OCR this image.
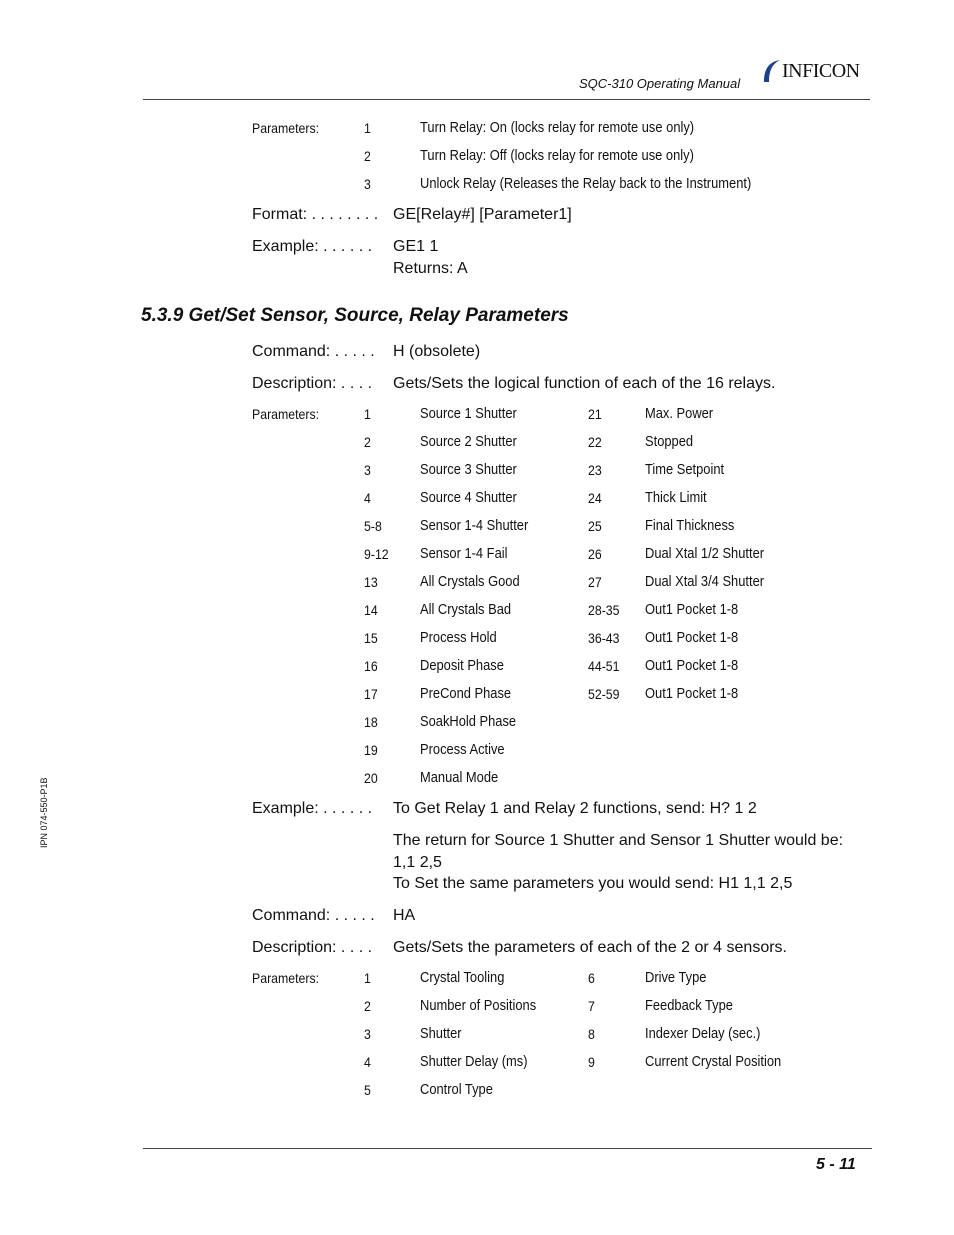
SQC-310 Operating Manual
INFICON
Parameters:	1	Turn Relay: On (locks relay for remote use only)
2	Turn Relay: Off (locks relay for remote use only)
3	Unlock Relay (Releases the Relay back to the Instrument)
Format: . . . . . . . . GE[Relay#] [Parameter1]
Example: . . . . . . GE1 1
Returns: A
5.3.9 Get/Set Sensor, Source, Relay Parameters
Command: . . . . . H (obsolete)
Description: . . . . Gets/Sets the logical function of each of the 16 relays.
Parameters:	1	Source 1 Shutter
2	Source 2 Shutter
3	Source 3 Shutter
4	Source 4 Shutter
5-8	Sensor 1-4 Shutter
9-12 Sensor 1-4 Fail
13	All Crystals Good
14	All Crystals Bad
15	Process Hold
16	Deposit Phase
17	PreCond Phase
18	SoakHold Phase
19	Process Active
20	Manual Mode
21	Max. Power
22	Stopped
23	Time Setpoint
24	Thick Limit
25	Final Thickness
26	Dual Xtal 1/2 Shutter
27	Dual Xtal 3/4 Shutter
28-35 Out1 Pocket 1-8
36-43 Out1 Pocket 1-8
44-51 Out1 Pocket 1-8
52-59 Out1 Pocket 1-8
Example: . . . . . . To Get Relay 1 and Relay 2 functions, send: H? 1 2
The return for Source 1 Shutter and Sensor 1 Shutter would be:
1,1 2,5
To Set the same parameters you would send: H1 1,1 2,5
Command: . . . . . HA
Description: . . . . Gets/Sets the parameters of each of the 2 or 4 sensors.
Parameters:	1	Crystal Tooling
2	Number of Positions
3	Shutter
4	Shutter Delay (ms)
5	Control Type
6	Drive Type
7	Feedback Type
8	Indexer Delay (sec.)
9	Current Crystal Position
5 - 11
IPN 074-550-P1B
